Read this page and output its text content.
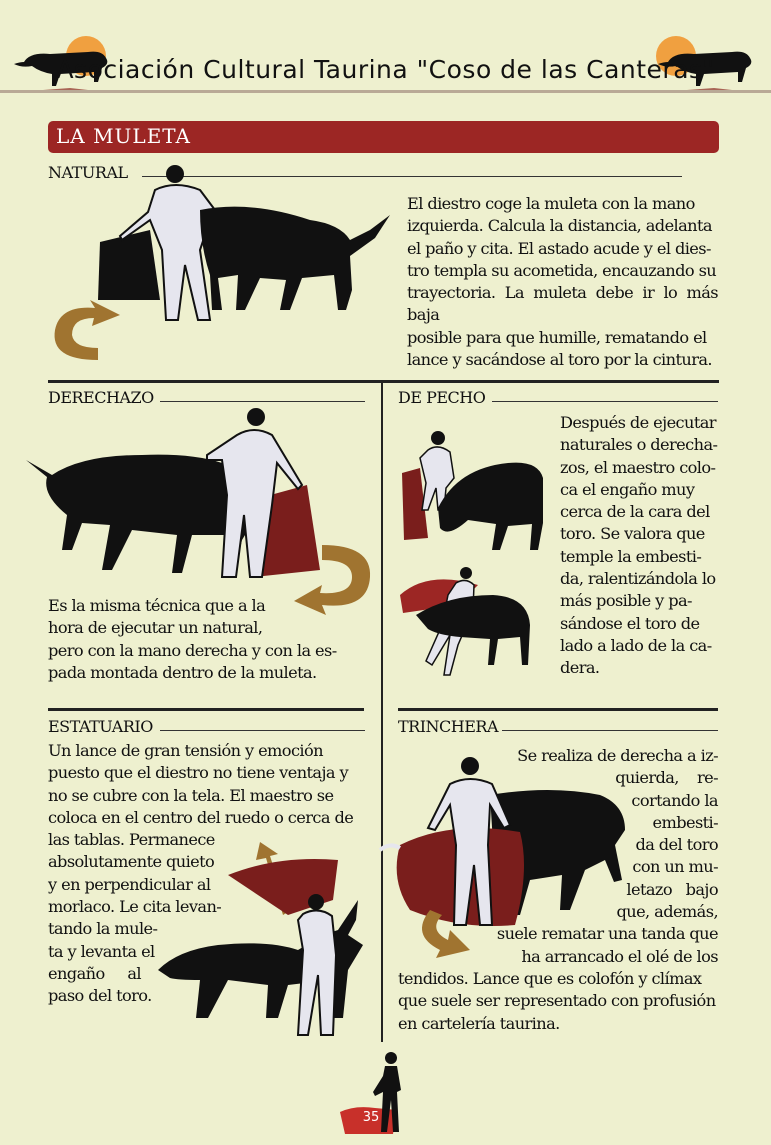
Asociación Cultural Taurina "Coso de las Canteras"
LA MULETA
NATURAL
El diestro coge la muleta con la mano
izquierda. Calcula la distancia, adelanta
el paño y cita. El astado acude y el dies-
tro templa su acometida, encauzando su
trayectoria. La muleta debe ir lo más baja
posible para que humille, rematando el
lance y sacándose al toro por la cintura.
DERECHAZO
Es la misma técnica que a la
hora de ejecutar un natural,
pero con la mano derecha y con la es-
pada montada dentro de la muleta.
DE PECHO
Después de ejecutar
naturales o derecha-
zos, el maestro colo-
ca el engaño muy
cerca de la cara del
toro. Se valora que
temple la embesti-
da, ralentizándola lo
más posible y pa-
sándose el toro de
lado a lado de la ca-
dera.
ESTATUARIO
Un lance de gran tensión y emoción
puesto que el diestro no tiene ventaja y
no se cubre con la tela. El maestro se
coloca en el centro del ruedo o cerca de
las tablas. Permanece
absolutamente quieto
y en perpendicular al
morlaco. Le cita levan-
tando la mule-
ta y levanta el
engaño     al
paso del toro.
TRINCHERA
Se realiza de derecha a iz-
quierda,    re-
cortando la
embesti-
da del toro
con un mu-
letazo   bajo
que, además,
suele rematar una tanda que
ha arrancado el olé de los
tendidos. Lance que es colofón y clímax
que suele ser representado con profusión
en cartelería taurina.
35
